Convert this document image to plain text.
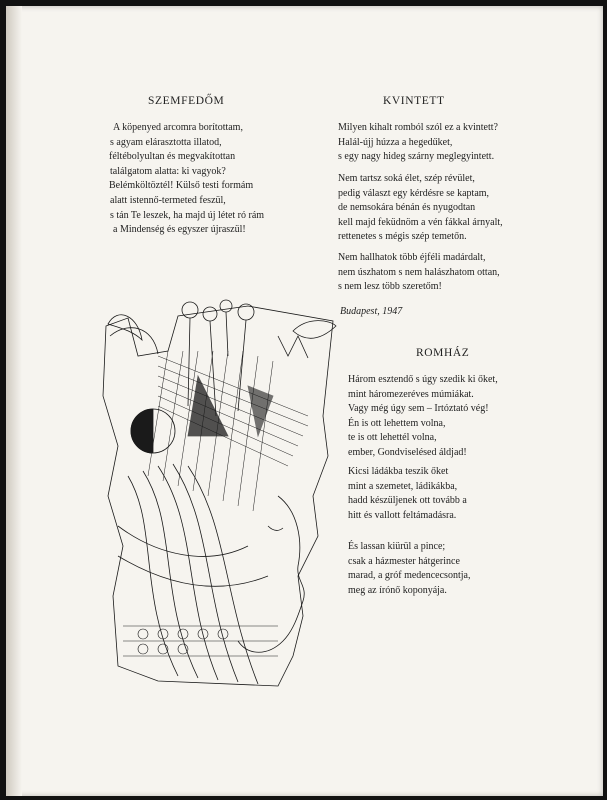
SZEMFEDŐM
A köpenyed arcomra borítottam,
s agyam elárasztotta illatod,
féltébolyultan és megvakítottan
találgatom alatta: ki vagyok?
Belémköltöztél! Külső testi formám
alatt istennő-termeted feszül,
s tán Te leszek, ha majd új létet ró rám
a Mindenség és egyszer újraszül!
KVINTETT
Milyen kihalt romból szól ez a kvintett?
Halál-újj húzza a hegedűket,
s egy nagy hideg szárny meglegyintett.
Nem tartsz soká élet, szép révület,
pedig választ egy kérdésre se kaptam,
de nemsokára bénán és nyugodtan
kell majd feküdnöm a vén fákkal árnyalt,
rettenetes s mégis szép temetőn.
Nem hallhatok több éjféli madárdalt,
nem úszhatom s nem halászhatom ottan,
s nem lesz több szeretőm!
Budapest, 1947
ROMHÁZ
Három esztendő s úgy szedik ki őket,
mint háromezeréves múmiákat.
Vagy még úgy sem – Irtóztató vég!
Én is ott lehettem volna,
te is ott lehettél volna,
ember, Gondviselésed áldjad!
Kicsi ládákba teszik őket
mint a szemetet, ládikákba,
hadd készüljenek ott tovább a
hitt és vallott feltámadásra.
És lassan kiürül a pince;
csak a házmester hátgerince
marad, a gróf medencecsontja,
meg az írónő koponyája.
